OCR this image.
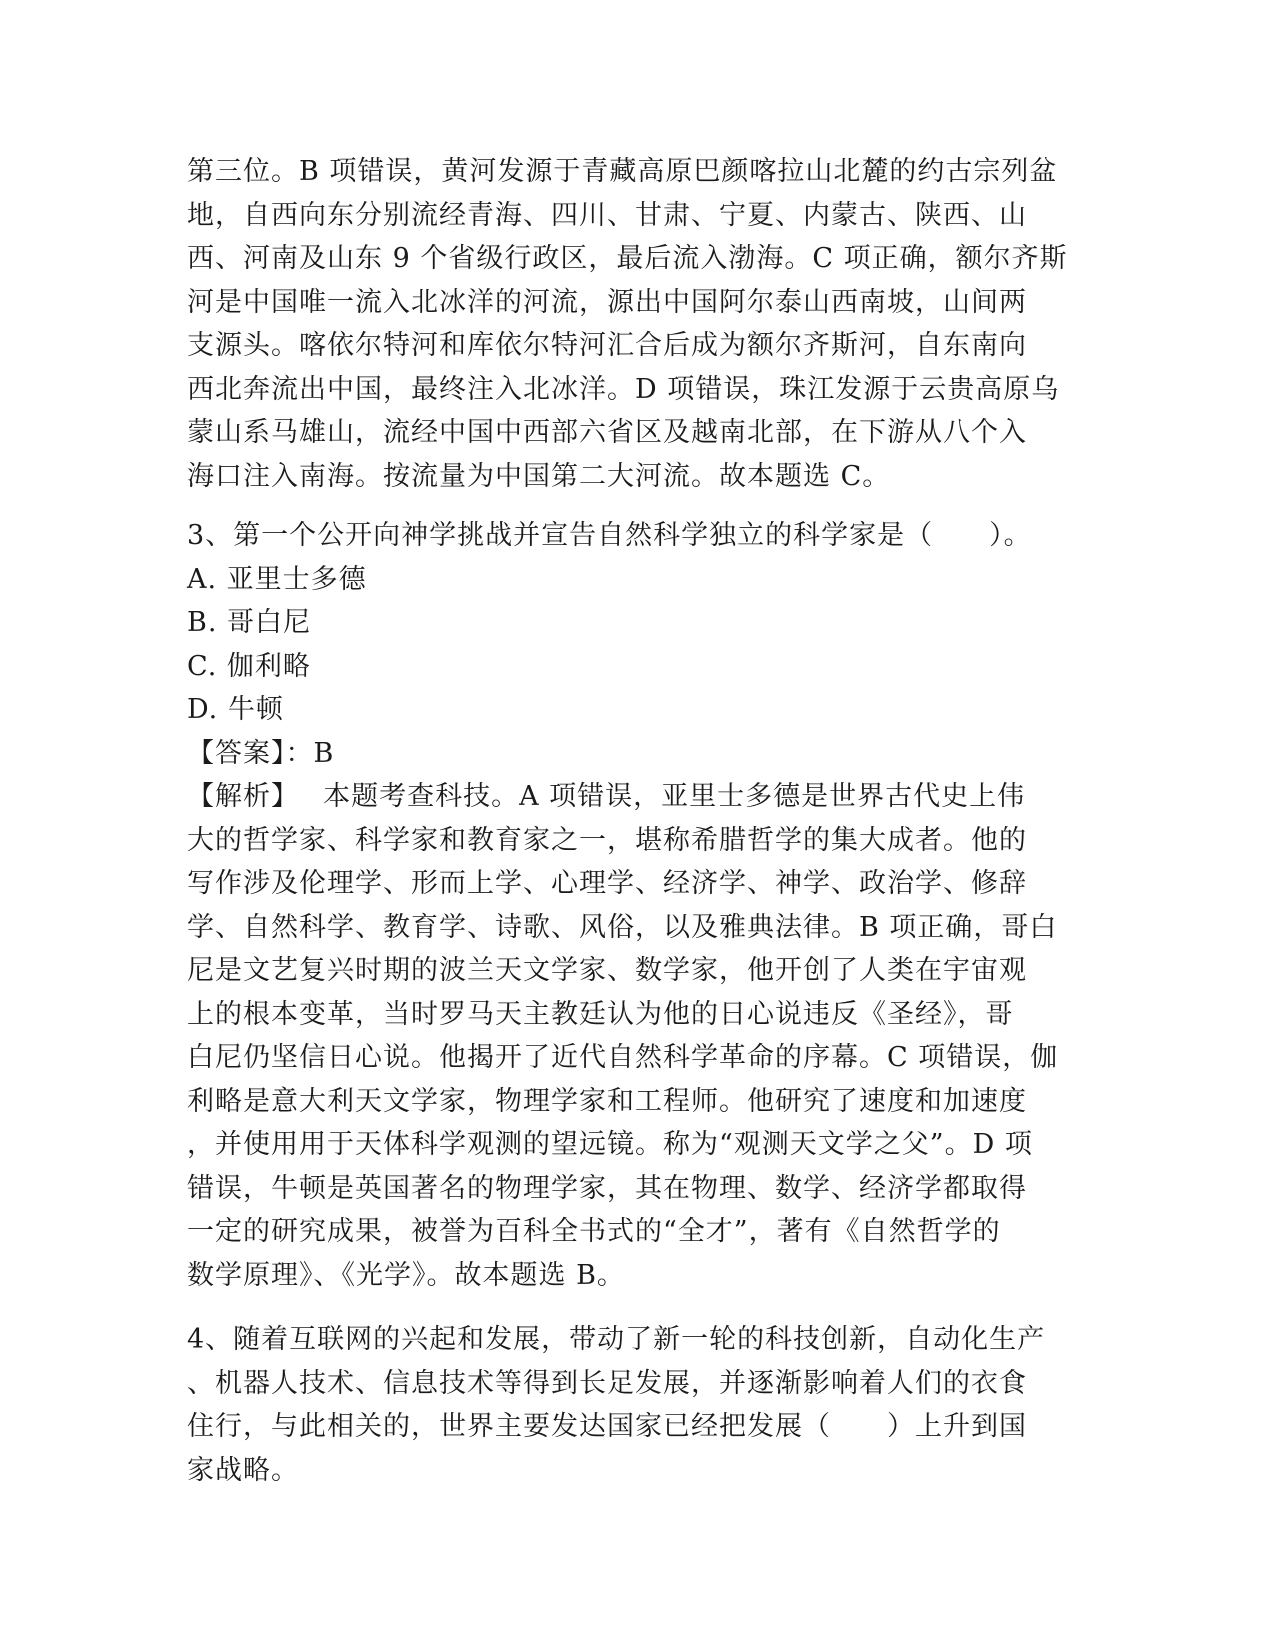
第三位。B 项错误，黄河发源于青藏高原巴颜喀拉山北麓的约古宗列盆
地，自西向东分别流经青海、四川、甘肃、宁夏、内蒙古、陕西、山
西、河南及山东 9 个省级行政区，最后流入渤海。C 项正确，额尔齐斯
河是中国唯一流入北冰洋的河流，源出中国阿尔泰山西南坡，山间两
支源头。喀依尔特河和库依尔特河汇合后成为额尔齐斯河，自东南向
西北奔流出中国，最终注入北冰洋。D 项错误，珠江发源于云贵高原乌
蒙山系马雄山，流经中国中西部六省区及越南北部，在下游从八个入
海口注入南海。按流量为中国第二大河流。故本题选 C。
3、第一个公开向神学挑战并宣告自然科学独立的科学家是（　　）。
A. 亚里士多德
B. 哥白尼
C. 伽利略
D. 牛顿
【答案】：B
【解析】　 本题考查科技。A 项错误，亚里士多德是世界古代史上伟
大的哲学家、科学家和教育家之一，堪称希腊哲学的集大成者。他的
写作涉及伦理学、形而上学、心理学、经济学、神学、政治学、修辞
学、自然科学、教育学、诗歌、风俗，以及雅典法律。B 项正确，哥白
尼是文艺复兴时期的波兰天文学家、数学家，他开创了人类在宇宙观
上的根本变革，当时罗马天主教廷认为他的日心说违反《圣经》，哥
白尼仍坚信日心说。他揭开了近代自然科学革命的序幕。C 项错误，伽
利略是意大利天文学家，物理学家和工程师。他研究了速度和加速度
，并使用用于天体科学观测的望远镜。称为“观测天文学之父”。D 项
错误，牛顿是英国著名的物理学家，其在物理、数学、经济学都取得
一定的研究成果，被誉为百科全书式的“全才”，著有《自然哲学的
数学原理》、《光学》。故本题选 B。
4、随着互联网的兴起和发展，带动了新一轮的科技创新，自动化生产
、机器人技术、信息技术等得到长足发展，并逐渐影响着人们的衣食
住行，与此相关的，世界主要发达国家已经把发展（　　）上升到国
家战略。
